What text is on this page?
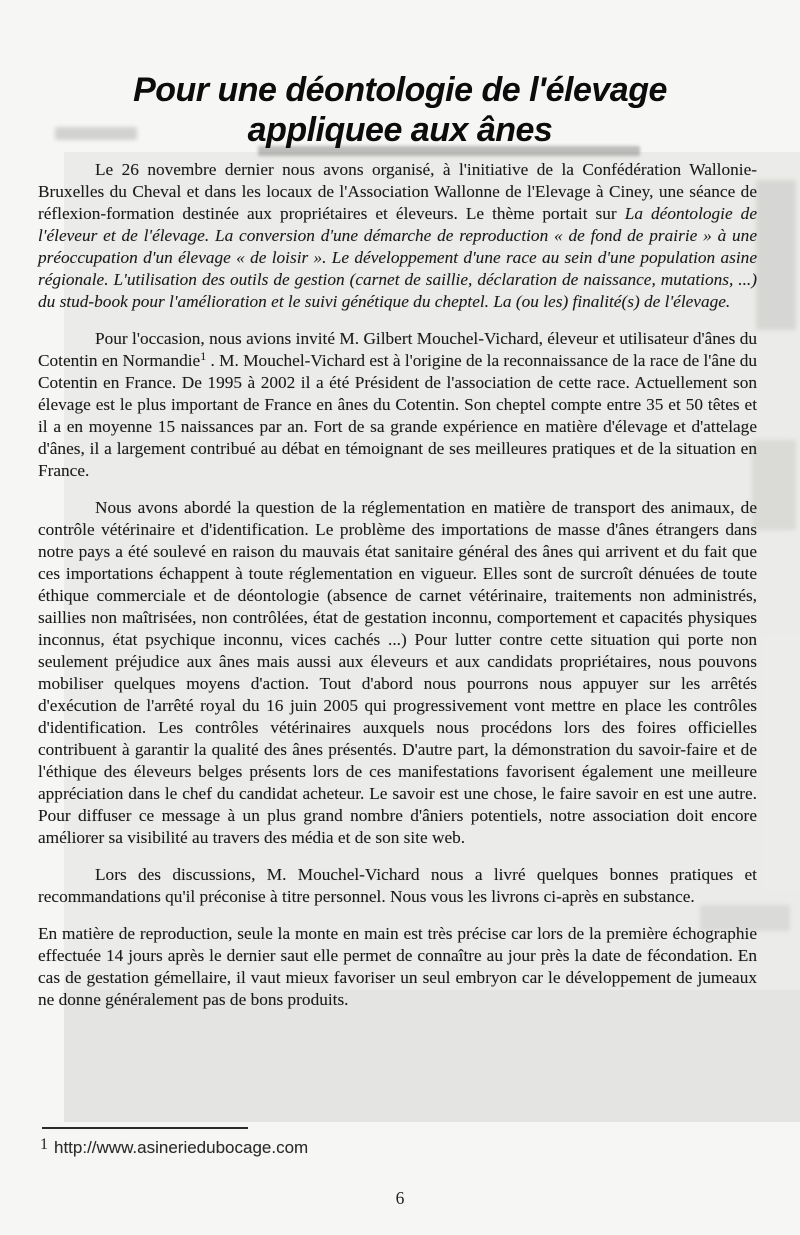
Pour une déontologie de l'élevage
appliquee aux ânes

Le 26 novembre dernier nous avons organisé, à l'initiative de la Confédération Wallonie-Bruxelles du Cheval et dans les locaux de l'Association Wallonne de l'Elevage à Ciney, une séance de réflexion-formation destinée aux propriétaires et éleveurs. Le thème portait sur La déontologie de l'éleveur et de l'élevage. La conversion d'une démarche de reproduction « de fond de prairie » à une préoccupation d'un élevage « de loisir ». Le développement d'une race au sein d'une population asine régionale. L'utilisation des outils de gestion (carnet de saillie, déclaration de naissance, mutations, ...) du stud-book pour l'amélioration et le suivi génétique du cheptel. La (ou les) finalité(s) de l'élevage.

Pour l'occasion, nous avions invité M. Gilbert Mouchel-Vichard, éleveur et utilisateur d'ânes du Cotentin en Normandie$^1$ . M. Mouchel-Vichard est à l'origine de la reconnaissance de la race de l'âne du Cotentin en France. De 1995 à 2002 il a été Président de l'association de cette race. Actuellement son élevage est le plus important de France en ânes du Cotentin. Son cheptel compte entre 35 et 50 têtes et il a en moyenne 15 naissances par an. Fort de sa grande expérience en matière d'élevage et d'attelage d'ânes, il a largement contribué au débat en témoignant de ses meilleures pratiques et de la situation en France.

Nous avons abordé la question de la réglementation en matière de transport des animaux, de contrôle vétérinaire et d'identification. Le problème des importations de masse d'ânes étrangers dans notre pays a été soulevé en raison du mauvais état sanitaire général des ânes qui arrivent et du fait que ces importations échappent à toute réglementation en vigueur. Elles sont de surcroît dénuées de toute éthique commerciale et de déontologie (absence de carnet vétérinaire, traitements non administrés, saillies non maîtrisées, non contrôlées, état de gestation inconnu, comportement et capacités physiques inconnus, état psychique inconnu, vices cachés ...) Pour lutter contre cette situation qui porte non seulement préjudice aux ânes mais aussi aux éleveurs et aux candidats propriétaires, nous pouvons mobiliser quelques moyens d'action. Tout d'abord nous pourrons nous appuyer sur les arrêtés d'exécution de l'arrêté royal du 16 juin 2005 qui progressivement vont mettre en place les contrôles d'identification. Les contrôles vétérinaires auxquels nous procédons lors des foires officielles contribuent à garantir la qualité des ânes présentés. D'autre part, la démonstration du savoir-faire et de l'éthique des éleveurs belges présents lors de ces manifestations favorisent également une meilleure appréciation dans le chef du candidat acheteur. Le savoir est une chose, le faire savoir en est une autre. Pour diffuser ce message à un plus grand nombre d'âniers potentiels, notre association doit encore améliorer sa visibilité au travers des média et de son site web.

Lors des discussions, M. Mouchel-Vichard nous a livré quelques bonnes pratiques et recommandations qu'il préconise à titre personnel. Nous vous les livrons ci-après en substance.

En matière de reproduction, seule la monte en main est très précise car lors de la première échographie effectuée 14 jours après le dernier saut elle permet de connaître au jour près la date de fécondation. En cas de gestation gémellaire, il vaut mieux favoriser un seul embryon car le développement de jumeaux ne donne généralement pas de bons produits.

1 http://www.asineriedubocage.com
6
